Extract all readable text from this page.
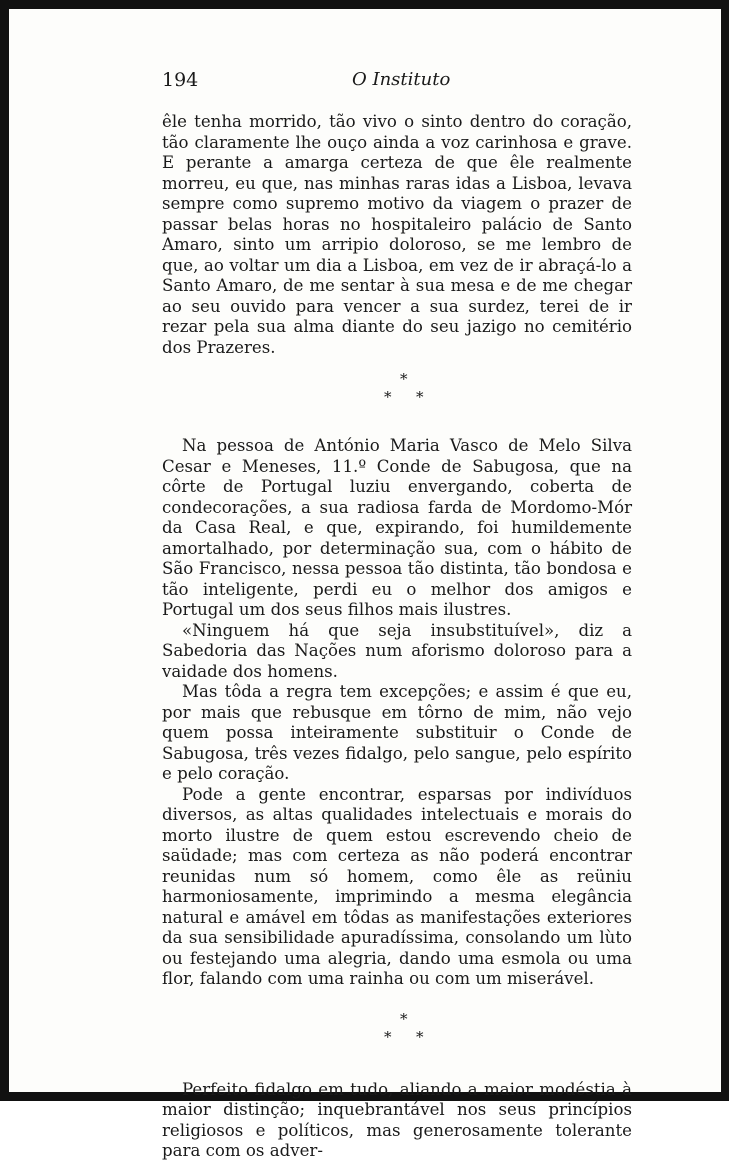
194	O Instituto

êle tenha morrido, tão vivo o sinto dentro do coração, tão claramente lhe ouço ainda a voz carinhosa e grave. E perante a amarga certeza de que êle realmente morreu, eu que, nas minhas raras idas a Lisboa, levava sempre como supremo motivo da viagem o prazer de passar belas horas no hospitaleiro palácio de Santo Amaro, sinto um arripio doloroso, se me lembro de que, ao voltar um dia a Lisboa, em vez de ir abraçá-lo a Santo Amaro, de me sentar à sua mesa e de me chegar ao seu ouvido para vencer a sua surdez, terei de ir rezar pela sua alma diante do seu jazigo no cemitério dos Prazeres.

*
* *

Na pessoa de António Maria Vasco de Melo Silva Cesar e Meneses, 11.º Conde de Sabugosa, que na côrte de Portugal luziu envergando, coberta de condecorações, a sua radiosa farda de Mordomo-Mór da Casa Real, e que, expirando, foi humildemente amortalhado, por determinação sua, com o hábito de São Francisco, nessa pessoa tão distinta, tão bondosa e tão inteligente, perdi eu o melhor dos amigos e Portugal um dos seus filhos mais ilustres.

«Ninguem há que seja insubstituível», diz a Sabedoria das Nações num aforismo doloroso para a vaidade dos homens.

Mas tôda a regra tem excepções; e assim é que eu, por mais que rebusque em tôrno de mim, não vejo quem possa inteiramente substituir o Conde de Sabugosa, três vezes fidalgo, pelo sangue, pelo espírito e pelo coração.

Pode a gente encontrar, esparsas por indivíduos diversos, as altas qualidades intelectuais e morais do morto ilustre de quem estou escrevendo cheio de saüdade; mas com certeza as não poderá encontrar reunidas num só homem, como êle as reüniu harmoniosamente, imprimindo a mesma elegância natural e amável em tôdas as manifestações exteriores da sua sensibilidade apuradíssima, consolando um lùto ou festejando uma alegria, dando uma esmola ou uma flor, falando com uma rainha ou com um miserável.

*
* *

Perfeito fidalgo em tudo, aliando a maior modéstia à maior distinção; inquebrantável nos seus princípios religiosos e políticos, mas generosamente tolerante para com os adver-
